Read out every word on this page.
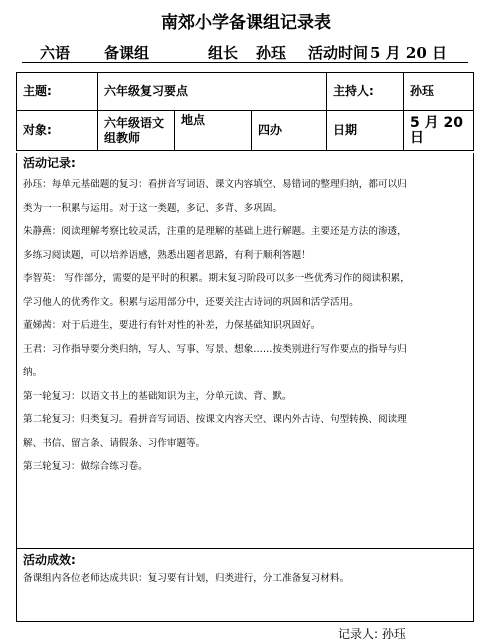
南郊小学备课组记录表
六语 备课组	组长 孙珏 活动时间 5 月 20 日
主题:	六年级复习要点			主持人:	孙珏
对象:	六年级语文组教师	地点	四办	日期	5 月 20 日
活动记录:

孙珏：每单元基础题的复习：看拼音写词语、课文内容填空、易错词的整理归纳，都可以归

类为一一积累与运用。对于这一类题，多记、多背、多巩固。

朱静燕：阅读理解考察比较灵活，注重的是理解的基础上进行解题。主要还是方法的渗透，

多练习阅读题，可以培养语感，熟悉出题者思路，有利于顺利答题！

李智英： 写作部分，需要的是平时的积累。期末复习阶段可以多一些优秀习作的阅读积累，

学习他人的优秀作文。积累与运用部分中，还要关注古诗词的巩固和活学活用。

董娣茜：对于后进生，要进行有针对性的补差，力保基础知识巩固好。

王君：习作指导要分类归纳，写人、写事、写景、想象……按类别进行写作要点的指导与归

纳。

第一轮复习：以语文书上的基础知识为主，分单元读、背、默。

第二轮复习：归类复习。看拼音写词语、按课文内容天空、课内外古诗、句型转换、阅读理

解、书信、留言条、请假条、习作审题等。

第三轮复习：做综合练习卷。

活动成效:
备课组内各位老师达成共识：复习要有计划，归类进行，分工准备复习材料。
记录人: 孙珏
